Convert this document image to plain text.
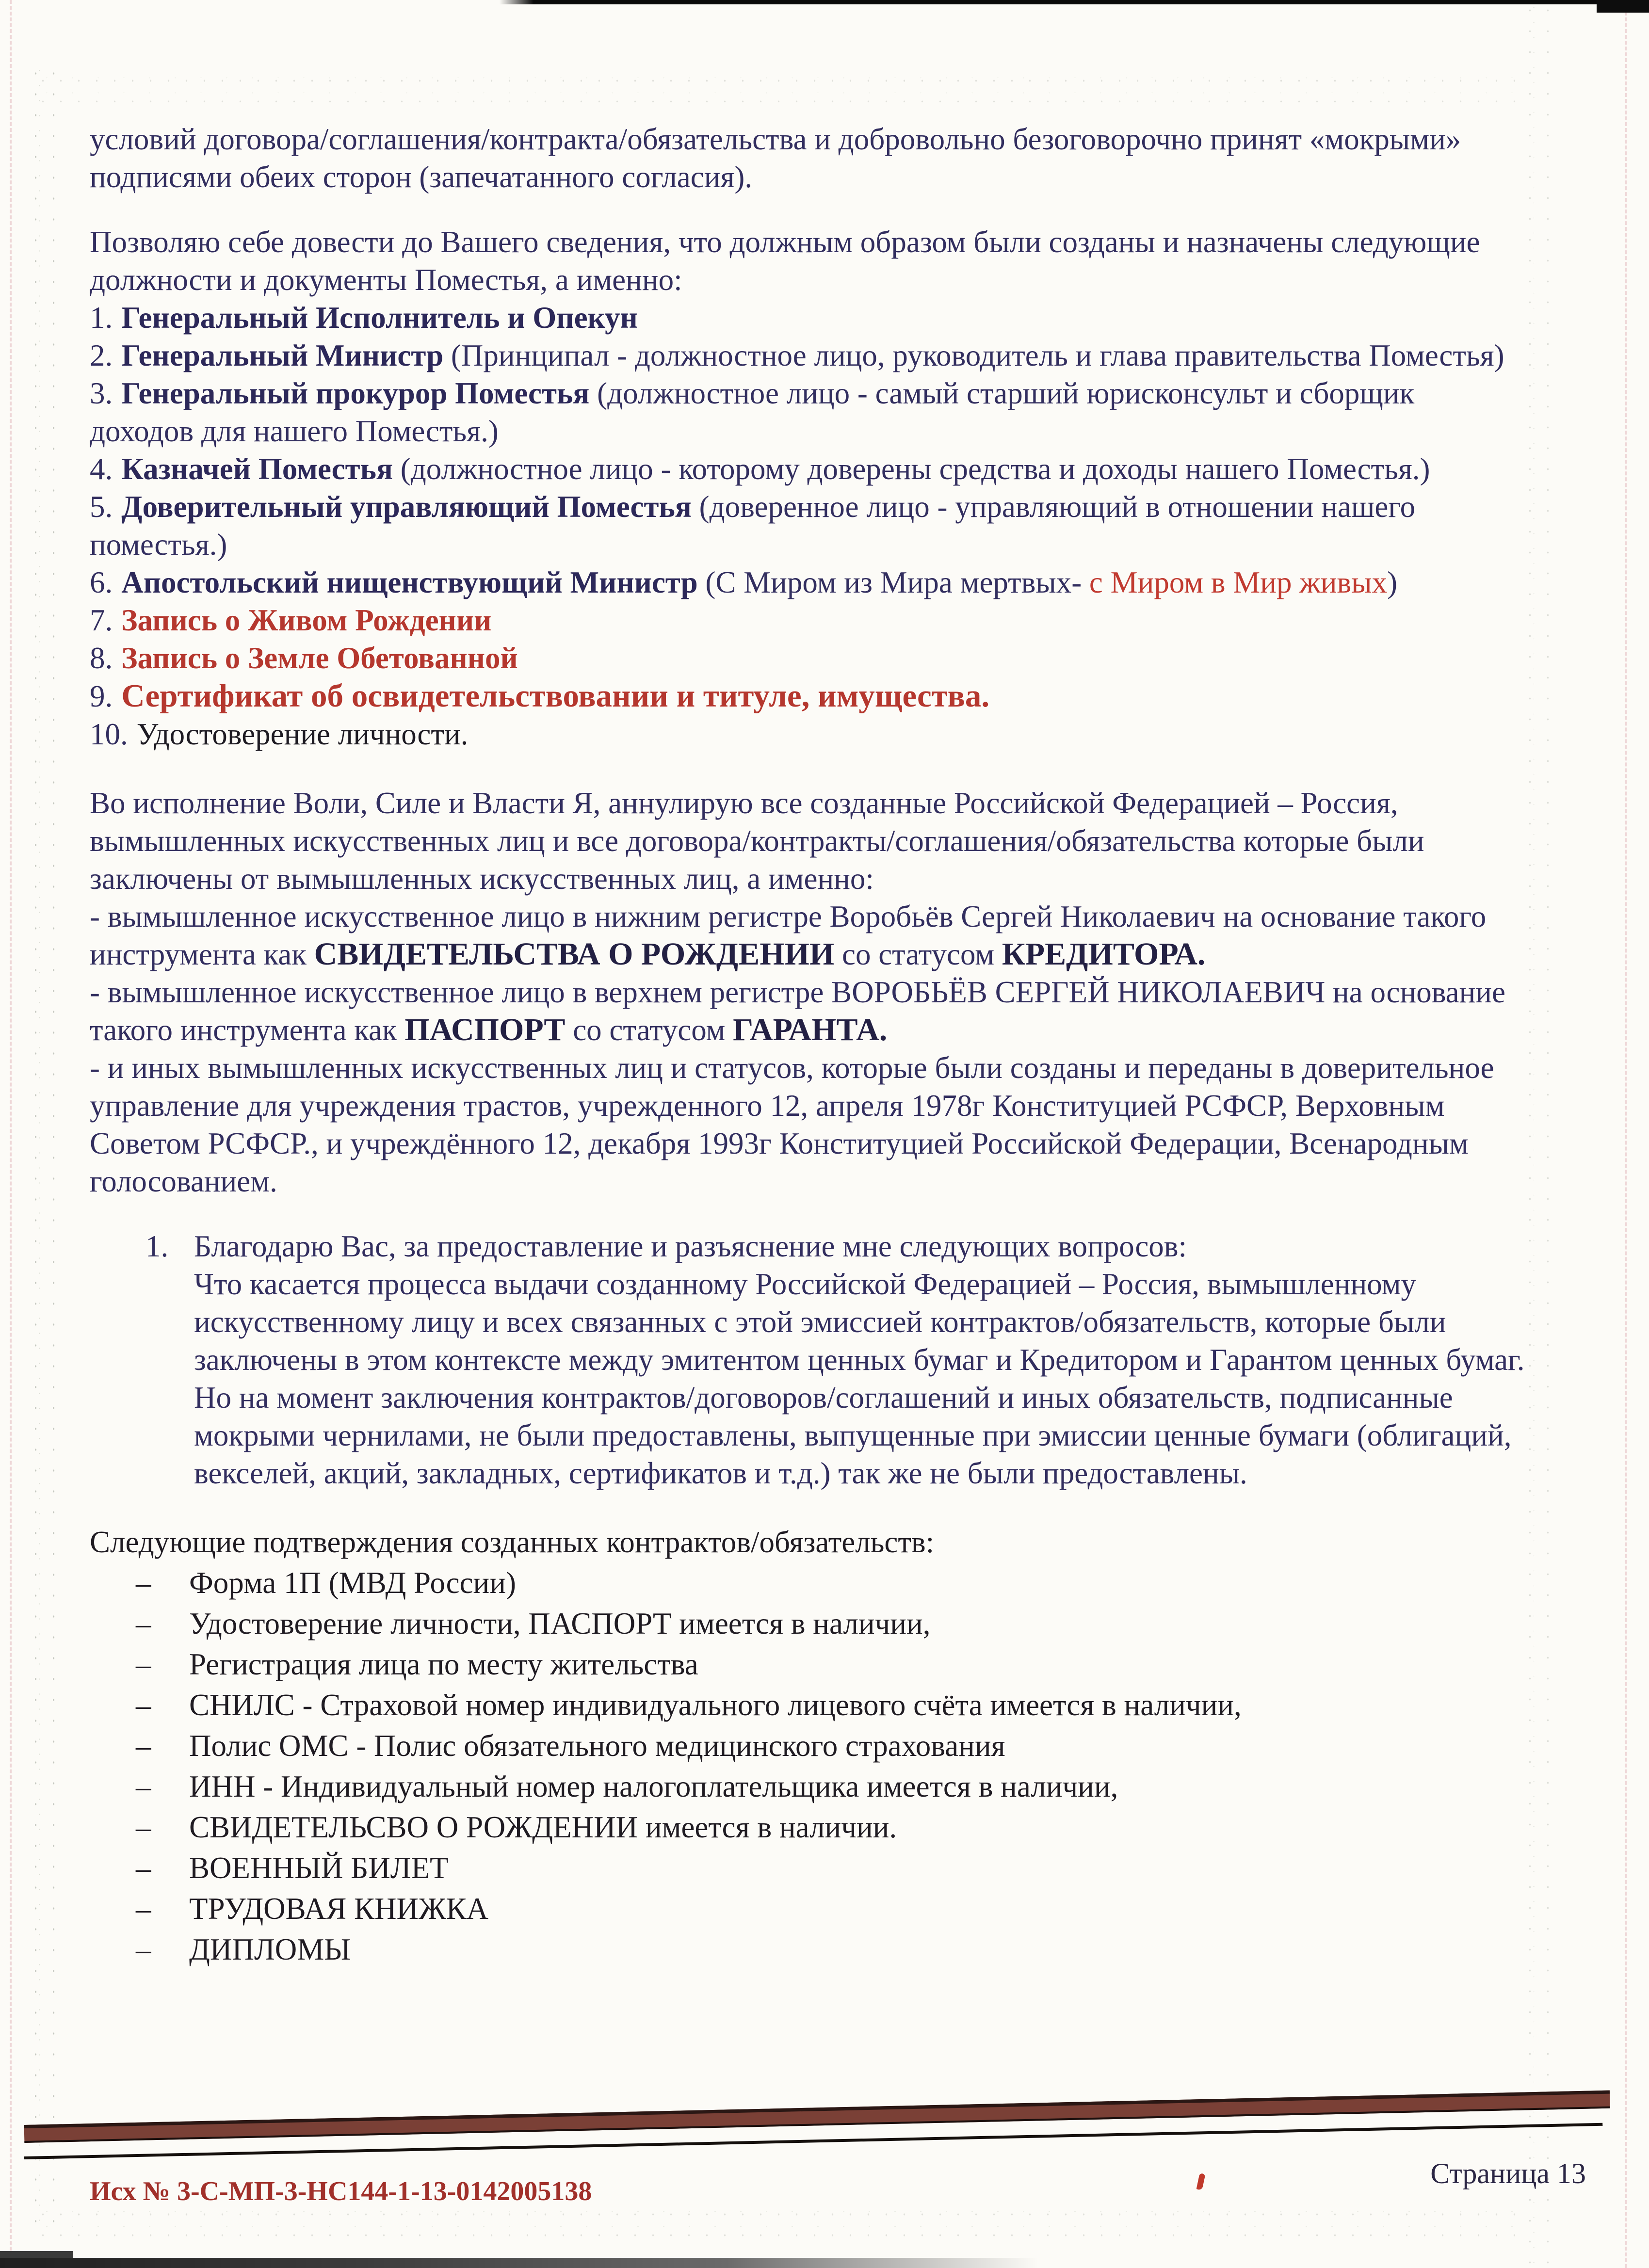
условий договора/соглашения/контракта/обязательства и добровольно безоговорочно принят «мокрыми» подписями обеих сторон (запечатанного согласия).

Позволяю себе довести до Вашего сведения, что должным образом были созданы и назначены следующие должности и документы Поместья, а именно:

1. Генеральный Исполнитель и Опекун
2. Генеральный Министр (Принципал - должностное лицо, руководитель и глава правительства Поместья)
3. Генеральный прокурор Поместья (должностное лицо - самый старший юрисконсульт и сборщик доходов для нашего Поместья.)
4. Казначей Поместья (должностное лицо - которому доверены средства и доходы нашего Поместья.)
5. Доверительный управляющий Поместья (доверенное лицо - управляющий в отношении нашего поместья.)
6. Апостольский нищенствующий Министр (С Миром из Мира мертвых- с Миром в Мир живых)
7. Запись о Живом Рождении
8. Запись о Земле Обетованной
9. Сертификат об освидетельствовании и титуле, имущества.
10. Удостоверение личности.

Во исполнение Воли, Силе и Власти Я, аннулирую все созданные Российской Федерацией – Россия, вымышленных искусственных лиц и все договора/контракты/соглашения/обязательства которые были заключены от вымышленных искусственных лиц, а именно:

- вымышленное искусственное лицо в нижним регистре Воробьёв Сергей Николаевич на основание такого инструмента как СВИДЕТЕЛЬСТВА О РОЖДЕНИИ со статусом КРЕДИТОРА.

- вымышленное искусственное лицо в верхнем регистре ВОРОБЬЁВ СЕРГЕЙ НИКОЛАЕВИЧ на основание такого инструмента как ПАСПОРТ со статусом ГАРАНТА.

- и иных вымышленных искусственных лиц и статусов, которые были созданы и переданы в доверительное управление для учреждения трастов, учрежденного 12, апреля 1978г Конституцией РСФСР, Верховным Советом РСФСР., и учреждённого 12, декабря 1993г Конституцией Российской Федерации, Всенародным голосованием.

1. Благодарю Вас, за предоставление и разъяснение мне следующих вопросов:
Что касается процесса выдачи созданному Российской Федерацией – Россия, вымышленному искусственному лицу и всех связанных с этой эмиссией контрактов/обязательств, которые были заключены в этом контексте между эмитентом ценных бумаг и Кредитором и Гарантом ценных бумаг. Но на момент заключения контрактов/договоров/соглашений и иных обязательств, подписанные мокрыми чернилами, не были предоставлены, выпущенные при эмиссии ценные бумаги (облигаций, векселей, акций, закладных, сертификатов и т.д.) так же не были предоставлены.

Следующие подтверждения созданных контрактов/обязательств:

–	Форма 1П (МВД России)
–	Удостоверение личности, ПАСПОРТ имеется в наличии,
–	Регистрация лица по месту жительства
–	СНИЛС - Страховой номер индивидуального лицевого счёта имеется в наличии,
–	Полис ОМС - Полис обязательного медицинского страхования
–	ИНН - Индивидуальный номер налогоплательщика имеется в наличии,
–	СВИДЕТЕЛЬСВО О РОЖДЕНИИ имеется в наличии.
–	ВОЕННЫЙ БИЛЕТ
–	ТРУДОВАЯ КНИЖКА
–	ДИПЛОМЫ
Исх № 3-С-МП-3-НС144-1-13-0142005138
Страница 13
